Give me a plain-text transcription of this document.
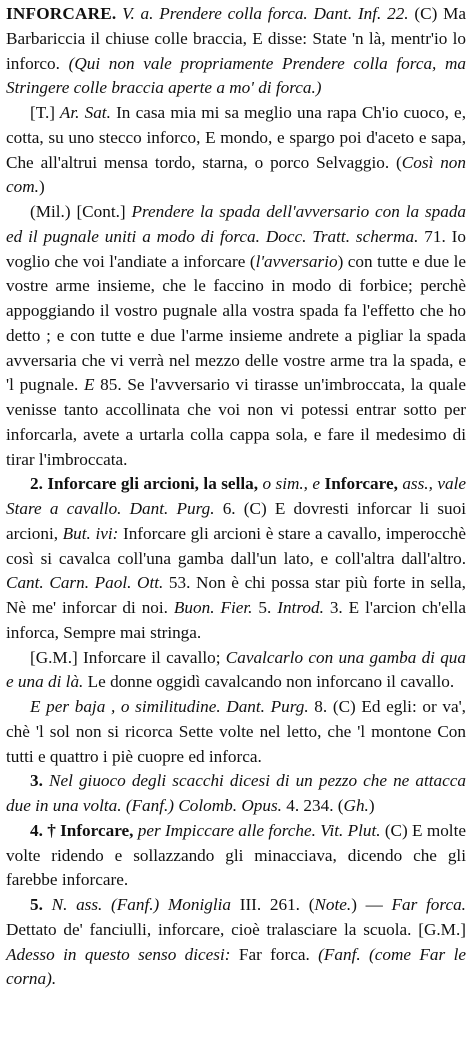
INFORCARE. V. a. Prendere colla forca. Dant. Inf. 22. (C) Ma Barbariccia il chiuse colle braccia, E disse: State 'n là, mentr'io lo inforco. (Qui non vale propriamente Prendere colla forca, ma Stringere colle braccia aperte a mo' di forca.)

[T.] Ar. Sat. In casa mia mi sa meglio una rapa Ch'io cuoco, e, cotta, su uno stecco inforco, E mondo, e spargo poi d'aceto e sapa, Che all'altrui mensa tordo, starna, o porco Selvaggio. (Così non com.)

(Mil.) [Cont.] Prendere la spada dell'avversario con la spada ed il pugnale uniti a modo di forca. Docc. Tratt. scherma. 71. Io voglio che voi l'andiate a inforcare (l'avversario) con tutte e due le vostre arme insieme, che le faccino in modo di forbice; perchè appoggiando il vostro pugnale alla vostra spada fa l'effetto che ho detto ; e con tutte e due l'arme insieme andrete a pigliar la spada avversaria che vi verrà nel mezzo delle vostre arme tra la spada, e 'l pugnale. E 85. Se l'avversario vi tirasse un'imbroccata, la quale venisse tanto accollinata che voi non vi potessi entrar sotto per inforcarla, avete a urtarla colla cappa sola, e fare il medesimo di tirar l'imbroccata.

2. Inforcare gli arcioni, la sella, o sim., e Inforcare, ass., vale Stare a cavallo. Dant. Purg. 6. (C) E dovresti inforcar li suoi arcioni, But. ivi: Inforcare gli arcioni è stare a cavallo, imperocchè così si cavalca coll'una gamba dall'un lato, e coll'altra dall'altro. Cant. Carn. Paol. Ott. 53. Non è chi possa star più forte in sella, Nè me' inforcar di noi. Buon. Fier. 5. Introd. 3. E l'arcion ch'ella inforca, Sempre mai stringa.

[G.M.] Inforcare il cavallo; Cavalcarlo con una gamba di qua e una di là. Le donne oggidì cavalcando non inforcano il cavallo.

E per baja , o similitudine. Dant. Purg. 8. (C) Ed egli: or va', chè 'l sol non si ricorca Sette volte nel letto, che 'l montone Con tutti e quattro i piè cuopre ed inforca.

3. Nel giuoco degli scacchi dicesi di un pezzo che ne attacca due in una volta. (Fanf.) Colomb. Opus. 4. 234. (Gh.)

4. † Inforcare, per Impiccare alle forche. Vit. Plut. (C) E molte volte ridendo e sollazzando gli minacciava, dicendo che gli farebbe inforcare.

5. N. ass. (Fanf.) Moniglia III. 261. (Note.) — Far forca. Dettato de' fanciulli, inforcare, cioè tralasciare la scuola. [G.M.] Adesso in questo senso dicesi: Far forca. (Fanf. (come Far le corna).
